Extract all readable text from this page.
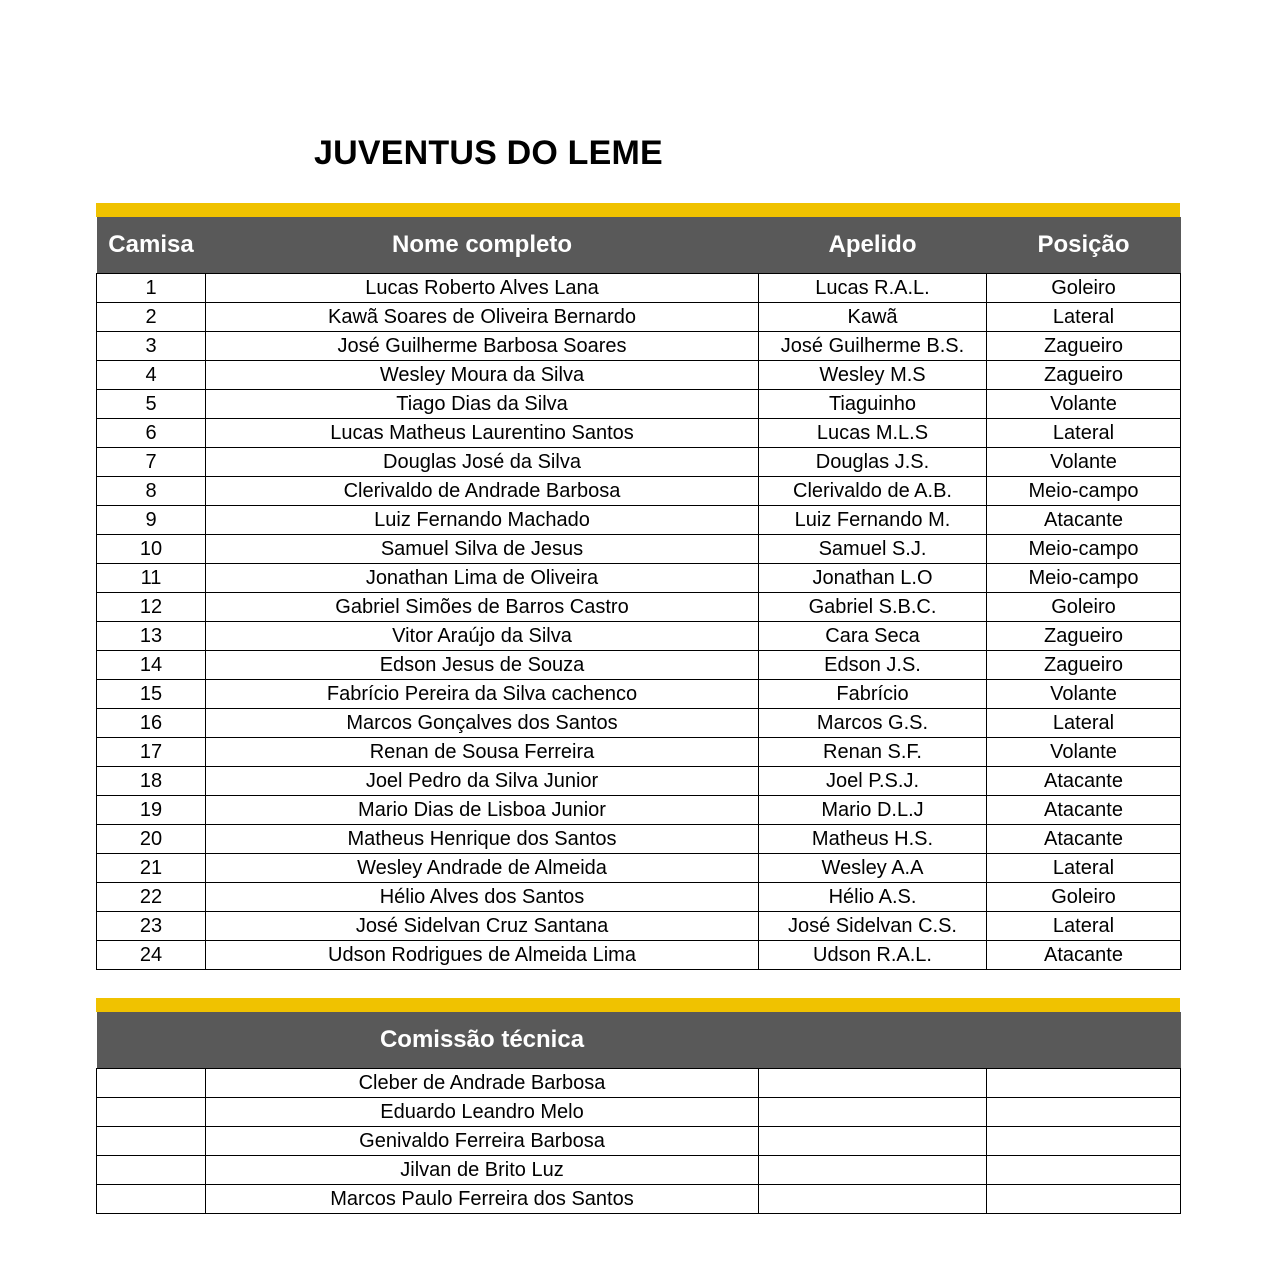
JUVENTUS DO LEME
Camisa	Nome completo	Apelido	Posição
1	Lucas Roberto Alves Lana	Lucas R.A.L.	Goleiro
2	Kawã Soares de Oliveira Bernardo	Kawã	Lateral
3	José Guilherme Barbosa Soares	José Guilherme B.S.	Zagueiro
4	Wesley Moura da Silva	Wesley M.S	Zagueiro
5	Tiago Dias da Silva	Tiaguinho	Volante
6	Lucas Matheus Laurentino Santos	Lucas M.L.S	Lateral
7	Douglas José da Silva	Douglas J.S.	Volante
8	Clerivaldo de Andrade Barbosa	Clerivaldo de A.B.	Meio-campo
9	Luiz Fernando Machado	Luiz Fernando M.	Atacante
10	Samuel Silva de Jesus	Samuel S.J.	Meio-campo
11	Jonathan Lima de Oliveira	Jonathan L.O	Meio-campo
12	Gabriel Simões de Barros Castro	Gabriel S.B.C.	Goleiro
13	Vitor Araújo da Silva	Cara Seca	Zagueiro
14	Edson Jesus de Souza	Edson J.S.	Zagueiro
15	Fabrício Pereira da Silva cachenco	Fabrício	Volante
16	Marcos Gonçalves dos Santos	Marcos G.S.	Lateral
17	Renan de Sousa Ferreira	Renan S.F.	Volante
18	Joel Pedro da Silva Junior	Joel P.S.J.	Atacante
19	Mario Dias de Lisboa Junior	Mario D.L.J	Atacante
20	Matheus Henrique dos Santos	Matheus H.S.	Atacante
21	Wesley Andrade de Almeida	Wesley A.A	Lateral
22	Hélio Alves dos Santos	Hélio A.S.	Goleiro
23	José Sidelvan Cruz Santana	José Sidelvan C.S.	Lateral
24	Udson Rodrigues de Almeida Lima	Udson R.A.L.	Atacante
	Comissão técnica		
	Cleber de Andrade Barbosa		
	Eduardo Leandro Melo		
	Genivaldo Ferreira Barbosa		
	Jilvan de Brito Luz		
	Marcos Paulo Ferreira dos Santos		
